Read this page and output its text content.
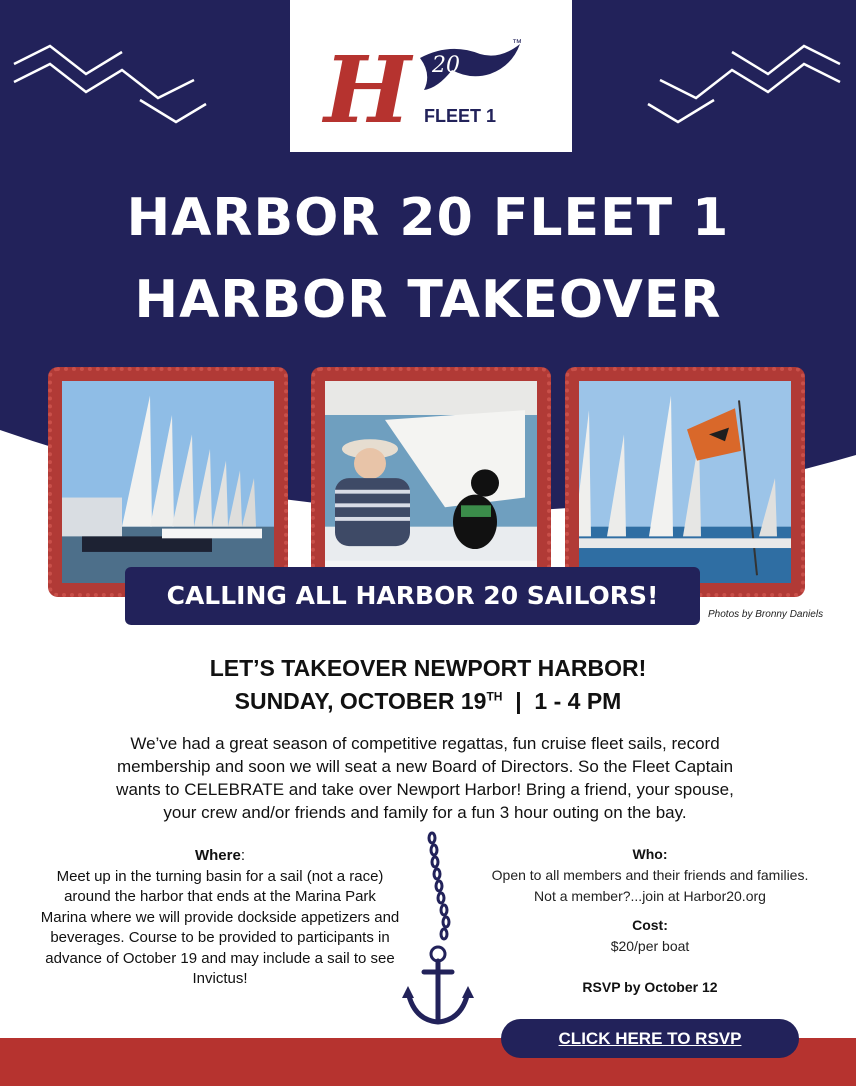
H 20
™
FLEET 1
HARBOR 20 FLEET 1
HARBOR TAKEOVER
CALLING ALL HARBOR 20 SAILORS!
Photos by Bronny Daniels
LET’S TAKEOVER NEWPORT HARBOR!
SUNDAY, OCTOBER 19TH  |  1 - 4 PM
We’ve had a great season of competitive regattas, fun cruise fleet sails, record membership and soon we will seat a new Board of Directors. So the Fleet Captain wants to CELEBRATE and take over Newport Harbor! Bring a friend, your spouse, your crew and/or friends and family for a fun 3 hour outing on the bay.
Where:
Meet up in the turning basin for a sail (not a race) around the harbor that ends at the Marina Park Marina where we will provide dockside appetizers and beverages. Course to be provided to participants in advance of October 19 and may include a sail to see Invictus!
Who:
Open to all members and their friends and families. Not a member?...join at Harbor20.org
Cost:
$20/per boat
RSVP by October 12
CLICK HERE TO RSVP
